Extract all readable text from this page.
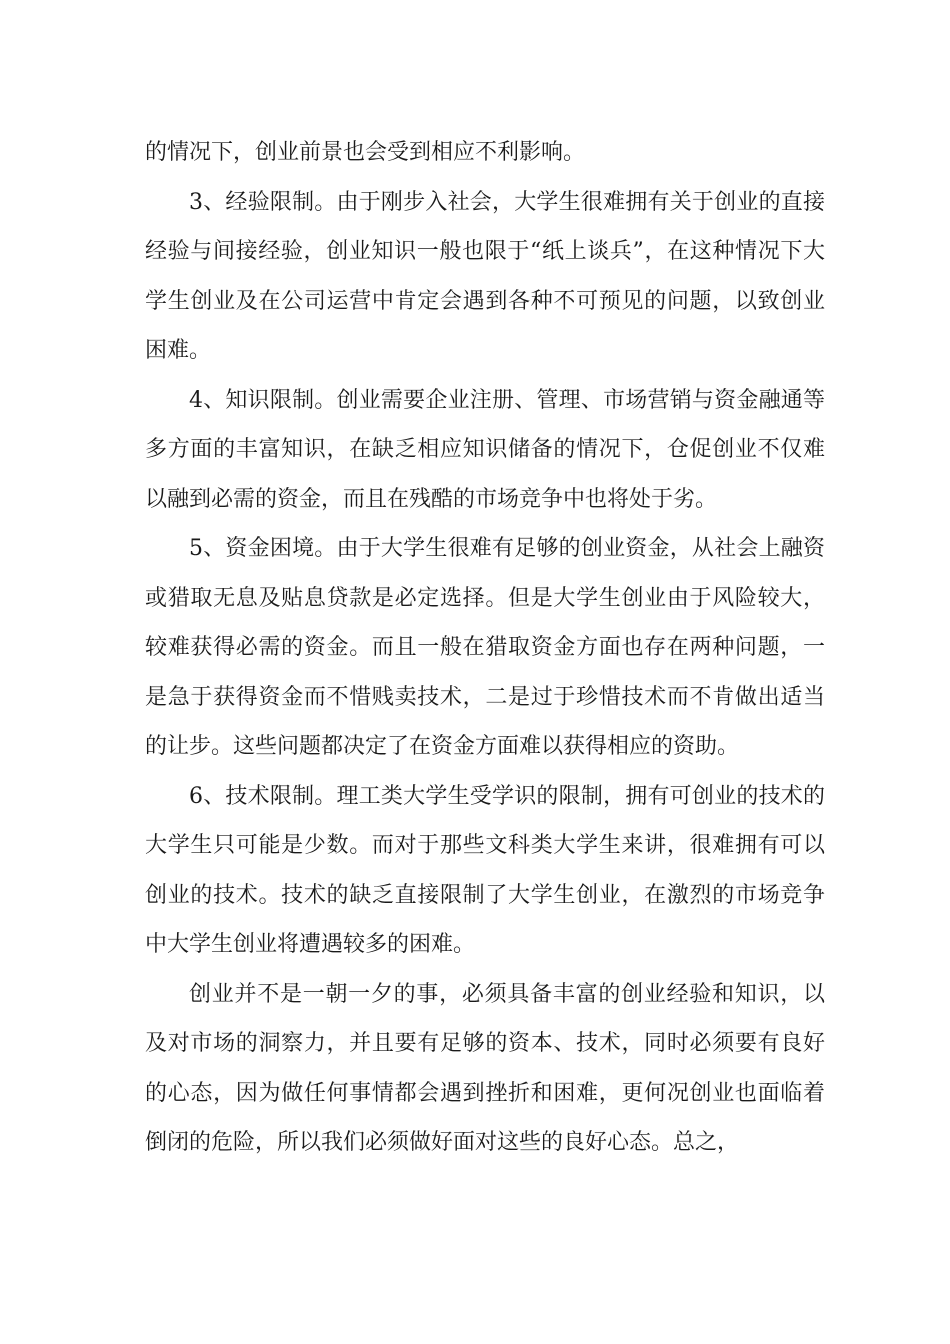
的情况下，创业前景也会受到相应不利影响。

3、经验限制。由于刚步入社会，大学生很难拥有关于创业的直接经验与间接经验，创业知识一般也限于“纸上谈兵”，在这种情况下大学生创业及在公司运营中肯定会遇到各种不可预见的问题，以致创业困难。

4、知识限制。创业需要企业注册、管理、市场营销与资金融通等多方面的丰富知识，在缺乏相应知识储备的情况下，仓促创业不仅难以融到必需的资金，而且在残酷的市场竞争中也将处于劣。

5、资金困境。由于大学生很难有足够的创业资金，从社会上融资或猎取无息及贴息贷款是必定选择。但是大学生创业由于风险较大，较难获得必需的资金。而且一般在猎取资金方面也存在两种问题，一是急于获得资金而不惜贱卖技术，二是过于珍惜技术而不肯做出适当的让步。这些问题都决定了在资金方面难以获得相应的资助。

6、技术限制。理工类大学生受学识的限制，拥有可创业的技术的大学生只可能是少数。而对于那些文科类大学生来讲，很难拥有可以创业的技术。技术的缺乏直接限制了大学生创业，在激烈的市场竞争中大学生创业将遭遇较多的困难。

创业并不是一朝一夕的事，必须具备丰富的创业经验和知识，以及对市场的洞察力，并且要有足够的资本、技术，同时必须要有良好的心态，因为做任何事情都会遇到挫折和困难，更何况创业也面临着倒闭的危险，所以我们必须做好面对这些的良好心态。总之，
